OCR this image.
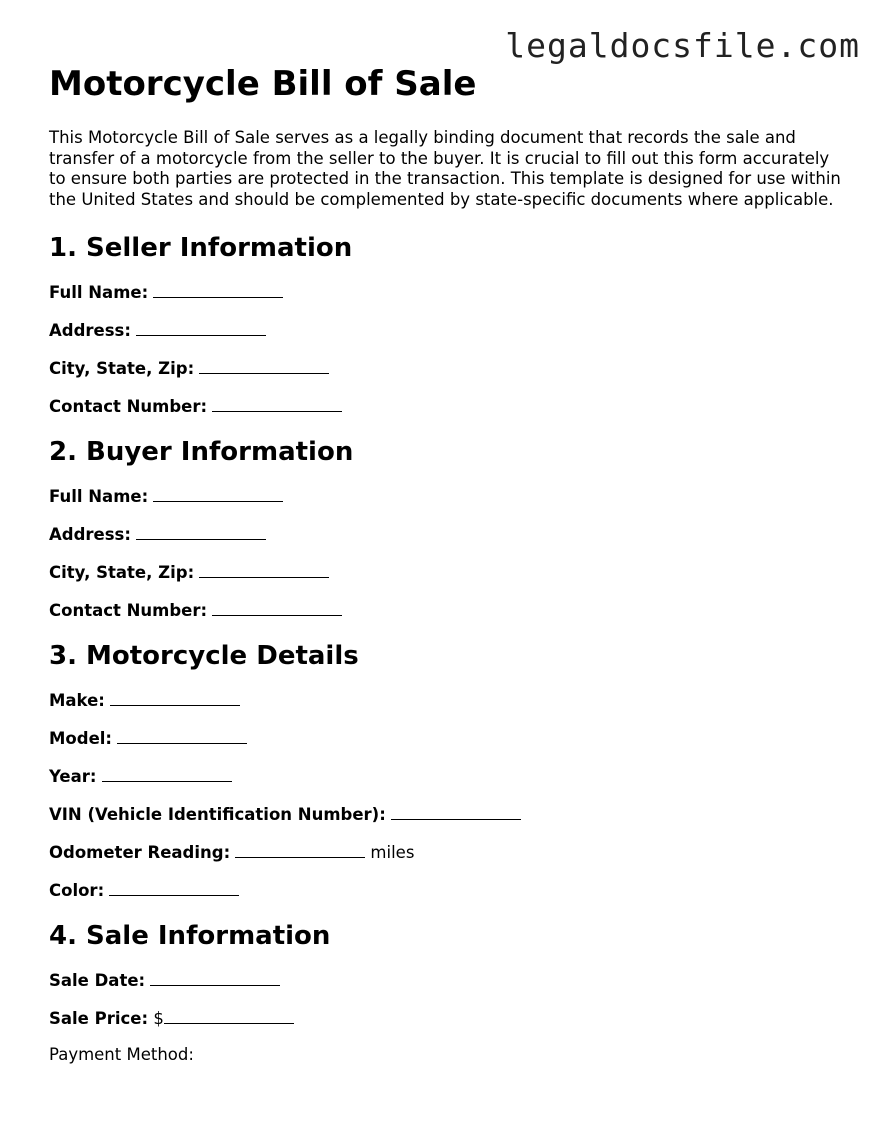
legaldocsfile.com
Motorcycle Bill of Sale

This Motorcycle Bill of Sale serves as a legally binding document that records the sale and transfer of a motorcycle from the seller to the buyer. It is crucial to fill out this form accurately to ensure both parties are protected in the transaction. This template is designed for use within the United States and should be complemented by state-specific documents where applicable.

1. Seller Information
Full Name:
Address:
City, State, Zip:
Contact Number:
2. Buyer Information
Full Name:
Address:
City, State, Zip:
Contact Number:
3. Motorcycle Details
Make:
Model:
Year:
VIN (Vehicle Identification Number):
Odometer Reading:	miles
Color:
4. Sale Information
Sale Date:
Sale Price: $
Payment Method:
